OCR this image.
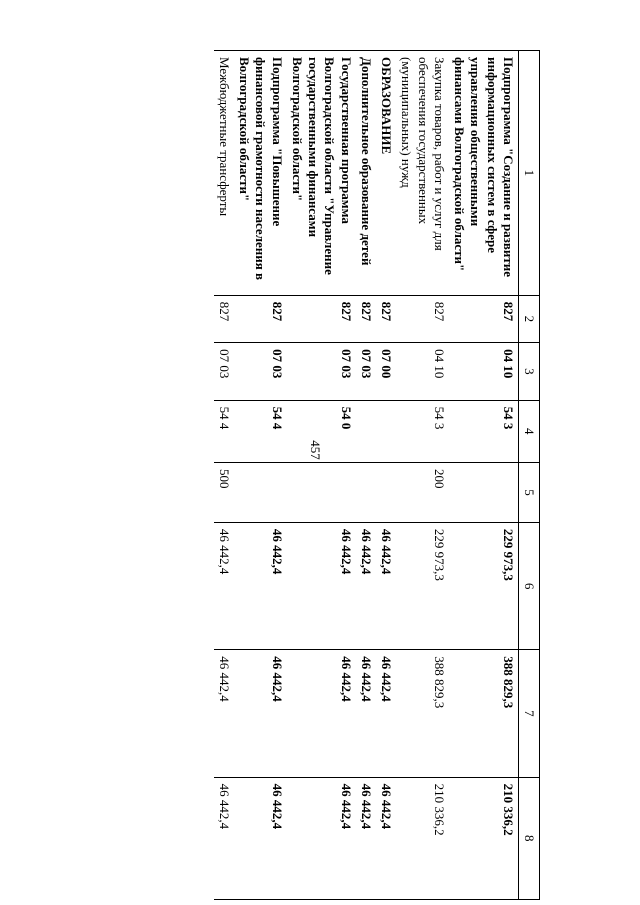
457
1	2	3	4	5	6	7	8
Подпрограмма "Создание и развитие информационных систем в сфере управления общественными финансами Волгоградской области"	827	04 10	54 3		229 973,3	388 829,3	210 336,2
Закупка товаров, работ и услуг для обеспечения государственных (муниципальных) нужд	827	04 10	54 3	200	229 973,3	388 829,3	210 336,2
ОБРАЗОВАНИЕ	827	07 00			46 442,4	46 442,4	46 442,4
Дополнительное образование детей	827	07 03			46 442,4	46 442,4	46 442,4
Государственная программа Волгоградской области "Управление государственными финансами Волгоградской области"	827	07 03	54 0		46 442,4	46 442,4	46 442,4
Подпрограмма "Повышение финансовой грамотности населения в Волгоградской области"	827	07 03	54 4		46 442,4	46 442,4	46 442,4
Межбюджетные трансферты	827	07 03	54 4	500	46 442,4	46 442,4	46 442,4
